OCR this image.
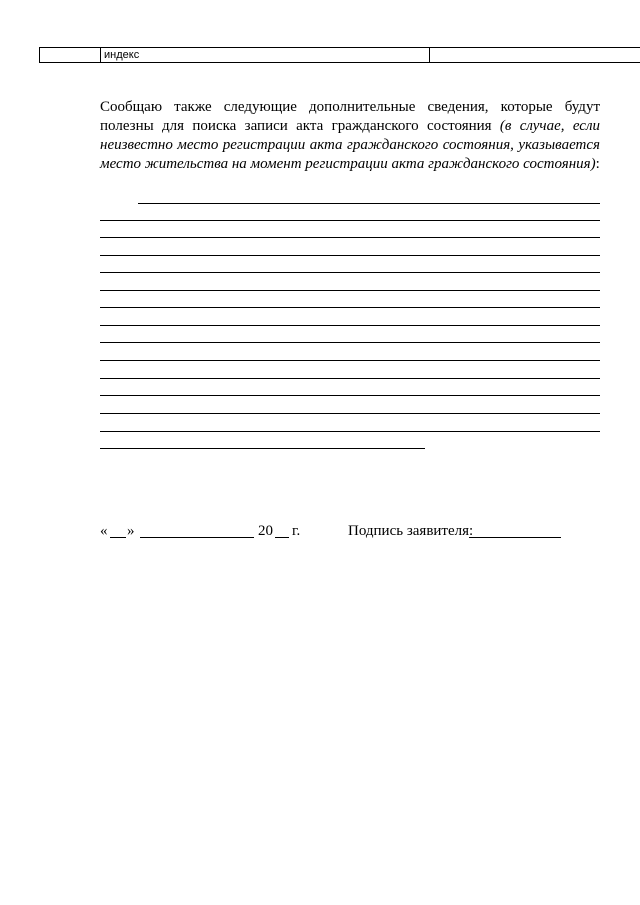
индекс
Сообщаю также следующие дополнительные сведения, которые будут полезны для поиска записи акта гражданского состояния (в случае, если неизвестно место регистрации акта гражданского состояния, указывается место жительства на момент регистрации акта гражданского состояния):
« »	20 г.	Подпись заявителя:
